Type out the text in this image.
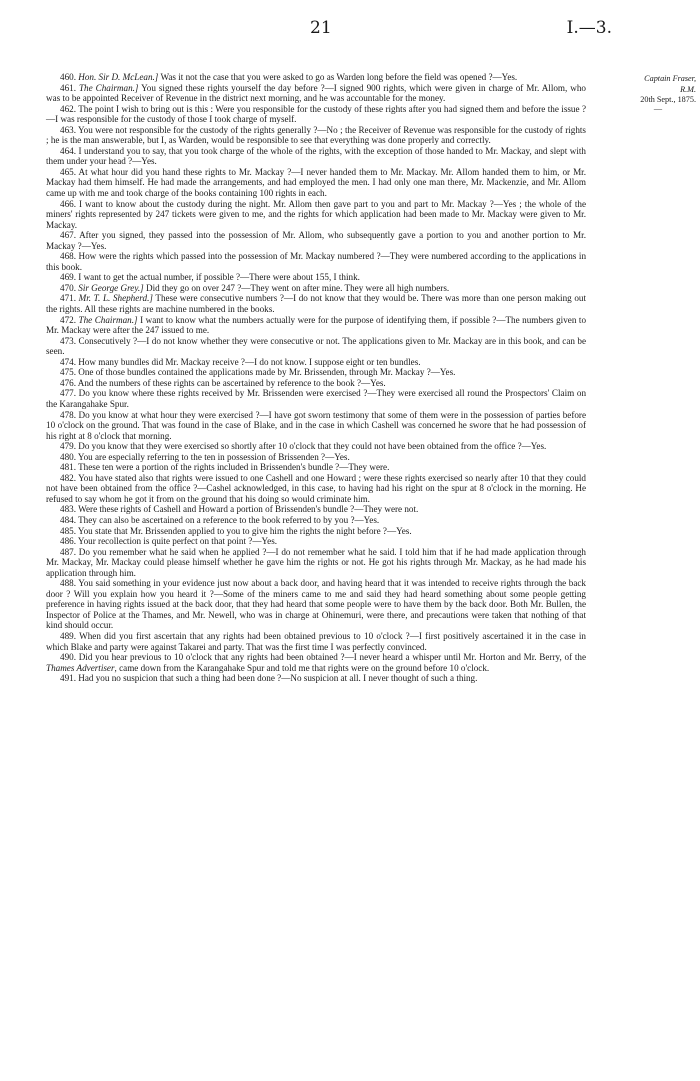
21	I.—3.
Captain Fraser,
R.M.
20th Sept., 1875.
—

460. Hon. Sir D. McLean.] Was it not the case that you were asked to go as Warden long before the field was opened ?—Yes.

461. The Chairman.] You signed these rights yourself the day before ?—I signed 900 rights, which were given in charge of Mr. Allom, who was to be appointed Receiver of Revenue in the district next morning, and he was accountable for the money.

462. The point I wish to bring out is this : Were you responsible for the custody of these rights after you had signed them and before the issue ?—I was responsible for the custody of those I took charge of myself.

463. You were not responsible for the custody of the rights generally ?—No ; the Receiver of Revenue was responsible for the custody of rights ; he is the man answerable, but I, as Warden, would be responsible to see that everything was done properly and correctly.

464. I understand you to say, that you took charge of the whole of the rights, with the exception of those handed to Mr. Mackay, and slept with them under your head ?—Yes.

465. At what hour did you hand these rights to Mr. Mackay ?—I never handed them to Mr. Mackay. Mr. Allom handed them to him, or Mr. Mackay had them himself. He had made the arrangements, and had employed the men. I had only one man there, Mr. Mackenzie, and Mr. Allom came up with me and took charge of the books containing 100 rights in each.

466. I want to know about the custody during the night. Mr. Allom then gave part to you and part to Mr. Mackay ?—Yes ; the whole of the miners' rights represented by 247 tickets were given to me, and the rights for which application had been made to Mr. Mackay were given to Mr. Mackay.

467. After you signed, they passed into the possession of Mr. Allom, who subsequently gave a portion to you and another portion to Mr. Mackay ?—Yes.

468. How were the rights which passed into the possession of Mr. Mackay numbered ?—They were numbered according to the applications in this book.

469. I want to get the actual number, if possible ?—There were about 155, I think.

470. Sir George Grey.] Did they go on over 247 ?—They went on after mine. They were all high numbers.

471. Mr. T. L. Shepherd.] These were consecutive numbers ?—I do not know that they would be. There was more than one person making out the rights. All these rights are machine numbered in the books.

472. The Chairman.] I want to know what the numbers actually were for the purpose of identifying them, if possible ?—The numbers given to Mr. Mackay were after the 247 issued to me.

473. Consecutively ?—I do not know whether they were consecutive or not. The applications given to Mr. Mackay are in this book, and can be seen.

474. How many bundles did Mr. Mackay receive ?—I do not know. I suppose eight or ten bundles.

475. One of those bundles contained the applications made by Mr. Brissenden, through Mr. Mackay ?—Yes.

476. And the numbers of these rights can be ascertained by reference to the book ?—Yes.

477. Do you know where these rights received by Mr. Brissenden were exercised ?—They were exercised all round the Prospectors' Claim on the Karangahake Spur.

478. Do you know at what hour they were exercised ?—I have got sworn testimony that some of them were in the possession of parties before 10 o'clock on the ground. That was found in the case of Blake, and in the case in which Cashell was concerned he swore that he had possession of his right at 8 o'clock that morning.

479. Do you know that they were exercised so shortly after 10 o'clock that they could not have been obtained from the office ?—Yes.

480. You are especially referring to the ten in possession of Brissenden ?—Yes.

481. These ten were a portion of the rights included in Brissenden's bundle ?—They were.

482. You have stated also that rights were issued to one Cashell and one Howard ; were these rights exercised so nearly after 10 that they could not have been obtained from the office ?—Cashel acknowledged, in this case, to having had his right on the spur at 8 o'clock in the morning. He refused to say whom he got it from on the ground that his doing so would criminate him.

483. Were these rights of Cashell and Howard a portion of Brissenden's bundle ?—They were not.

484. They can also be ascertained on a reference to the book referred to by you ?—Yes.

485. You state that Mr. Brissenden applied to you to give him the rights the night before ?—Yes.

486. Your recollection is quite perfect on that point ?—Yes.

487. Do you remember what he said when he applied ?—I do not remember what he said. I told him that if he had made application through Mr. Mackay, Mr. Mackay could please himself whether he gave him the rights or not. He got his rights through Mr. Mackay, as he had made his application through him.

488. You said something in your evidence just now about a back door, and having heard that it was intended to receive rights through the back door ? Will you explain how you heard it ?—Some of the miners came to me and said they had heard something about some people getting preference in having rights issued at the back door, that they had heard that some people were to have them by the back door. Both Mr. Bullen, the Inspector of Police at the Thames, and Mr. Newell, who was in charge at Ohinemuri, were there, and precautions were taken that nothing of that kind should occur.

489. When did you first ascertain that any rights had been obtained previous to 10 o'clock ?—I first positively ascertained it in the case in which Blake and party were against Takarei and party. That was the first time I was perfectly convinced.

490. Did you hear previous to 10 o'clock that any rights had been obtained ?—I never heard a whisper until Mr. Horton and Mr. Berry, of the Thames Advertiser, came down from the Karangahake Spur and told me that rights were on the ground before 10 o'clock.

491. Had you no suspicion that such a thing had been done ?—No suspicion at all. I never thought of such a thing.
